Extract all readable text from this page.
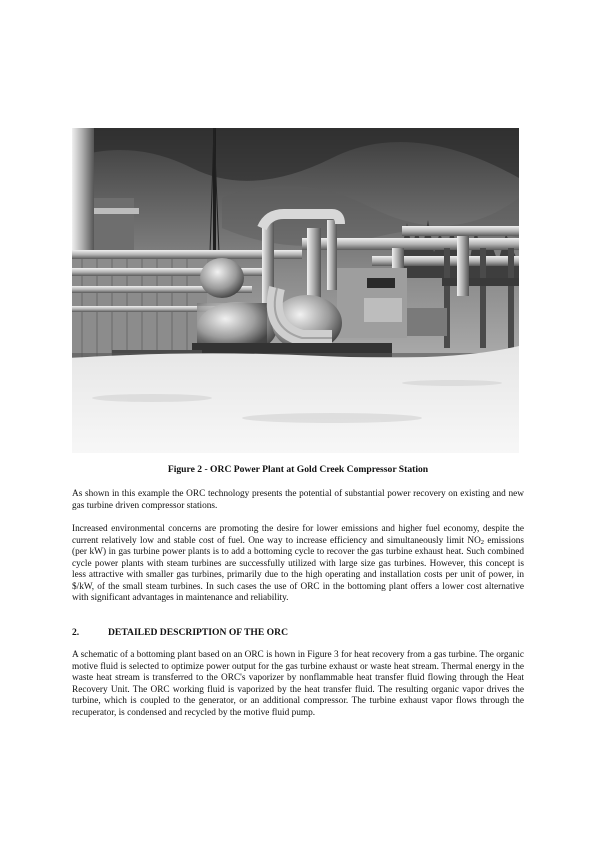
Figure 2 - ORC Power Plant at Gold Creek Compressor Station

As shown in this example the ORC technology presents the potential of substantial power recovery on existing and new gas turbine driven compressor stations.

Increased environmental concerns are promoting the desire for lower emissions and higher fuel economy, despite the current relatively low and stable cost of fuel. One way to increase efficiency and simultaneously limit $NO_2$ emissions (per kW) in gas turbine power plants is to add a bottoming cycle to recover the gas turbine exhaust heat. Such combined cycle power plants with steam turbines are successfully utilized with large size gas turbines. However, this concept is less attractive with smaller gas turbines, primarily due to the high operating and installation costs per unit of power, in $/kW, of the small steam turbines. In such cases the use of ORC in the bottoming plant offers a lower cost alternative with significant advantages in maintenance and reliability.

2.	DETAILED DESCRIPTION OF THE ORC

A schematic of a bottoming plant based on an ORC is hown in Figure 3 for heat recovery from a gas turbine. The organic motive fluid is selected to optimize power output for the gas turbine exhaust or waste heat stream. Thermal energy in the waste heat stream is transferred to the ORC's vaporizer by nonflammable heat transfer fluid flowing through the Heat Recovery Unit. The ORC working fluid is vaporized by the heat transfer fluid. The resulting organic vapor drives the turbine, which is coupled to the generator, or an additional compressor. The turbine exhaust vapor flows through the recuperator, is condensed and recycled by the motive fluid pump.
